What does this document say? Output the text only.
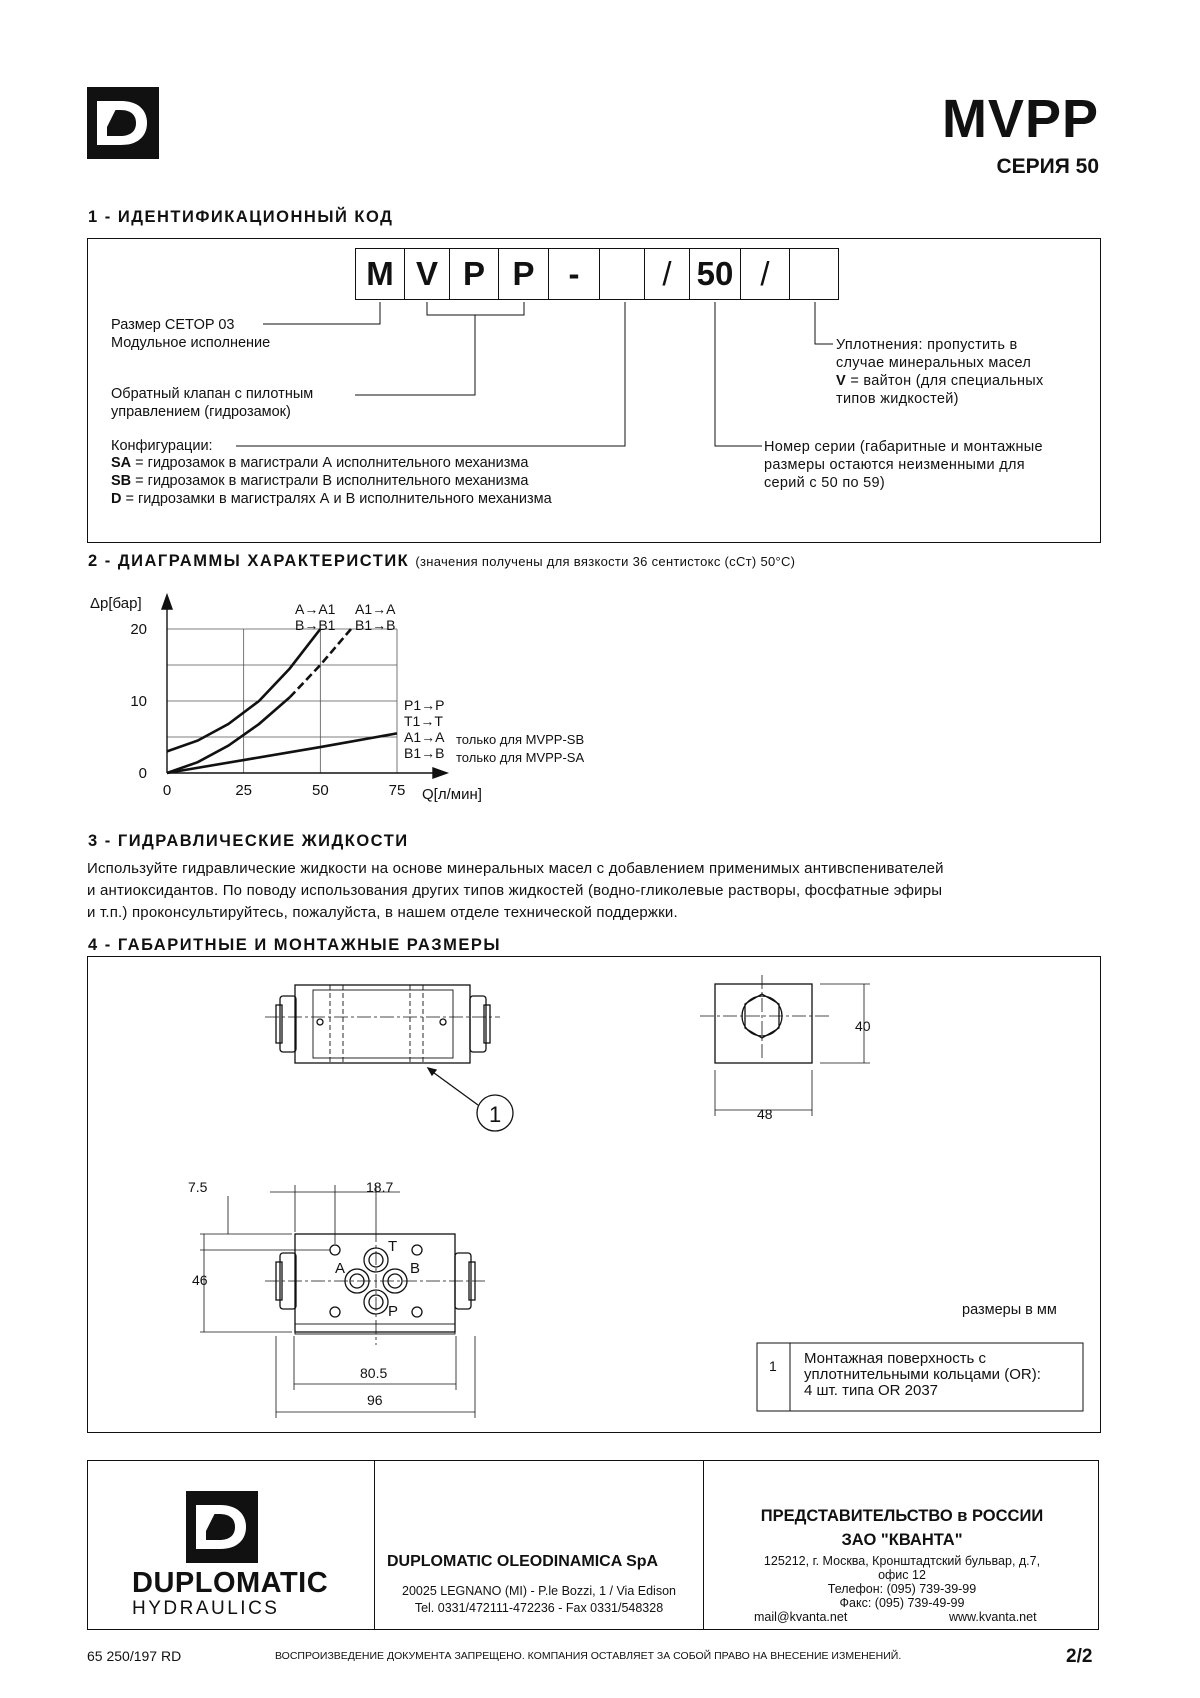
MVPP
СЕРИЯ 50
1 - ИДЕНТИФИКАЦИОННЫЙ КОД
M V P P	-	/ 50 /
Размер CETOP 03
Модульное исполнение
Обратный клапан с пилотным
управлением (гидрозамок)
Конфигурации:
SA = гидрозамок в магистрали А исполнительного механизма
SB = гидрозамок в магистрали В исполнительного механизма
D = гидрозамки в магистралях А и В исполнительного механизма
Уплотнения: пропустить в
случае минеральных масел
V = вайтон (для специальных
типов жидкостей)
Номер серии (габаритные и монтажные
размеры остаются неизменными для
серий с 50 по 59)
2 - ДИАГРАММЫ ХАРАКТЕРИСТИК (значения получены для вязкости 36 сентистокс (сСт) 50°C)
0	25	50	75
0
10
20
Δp[бар]
Q[л/мин]
A→A1
B→B1
A1→A
B1→B
P1→P
T1→T
A1→A
B1→B
только для MVPP-SB
только для MVPP-SA
3 - ГИДРАВЛИЧЕСКИЕ ЖИДКОСТИ
Используйте гидравлические жидкости на основе минеральных масел с добавлением применимых антивспенивателей
и антиоксидантов. По поводу использования других типов жидкостей (водно-гликолевые растворы, фосфатные эфиры
и т.п.) проконсультируйтесь, пожалуйста, в нашем отделе технической поддержки.
4 - ГАБАРИТНЫЕ И МОНТАЖНЫЕ РАЗМЕРЫ
1
40
48
7.5	18.7
46
80.5
96
T
A	B
P	размеры в мм
1 Монтажная поверхность с
уплотнительными кольцами (OR):
4 шт. типа OR 2037
DUPLOMATIC
HYDRAULICS
DUPLOMATIC OLEODINAMICA SpA
20025 LEGNANO (MI) - P.le Bozzi, 1 / Via Edison
Tel. 0331/472111-472236 - Fax 0331/548328
ПРЕДСТАВИТЕЛЬСТВО в РОССИИ
ЗАО "КВАНТА"
125212, г. Москва, Кронштадтский бульвар, д.7,
офис 12
Телефон: (095) 739-39-99
Факс: (095) 739-49-99
mail@kvanta.net	www.kvanta.net
65 250/197 RD	ВОСПРОИЗВЕДЕНИЕ ДОКУМЕНТА ЗАПРЕЩЕНО. КОМПАНИЯ ОСТАВЛЯЕТ ЗА СОБОЙ ПРАВО НА ВНЕСЕНИЕ ИЗМЕНЕНИЙ.	2/2
